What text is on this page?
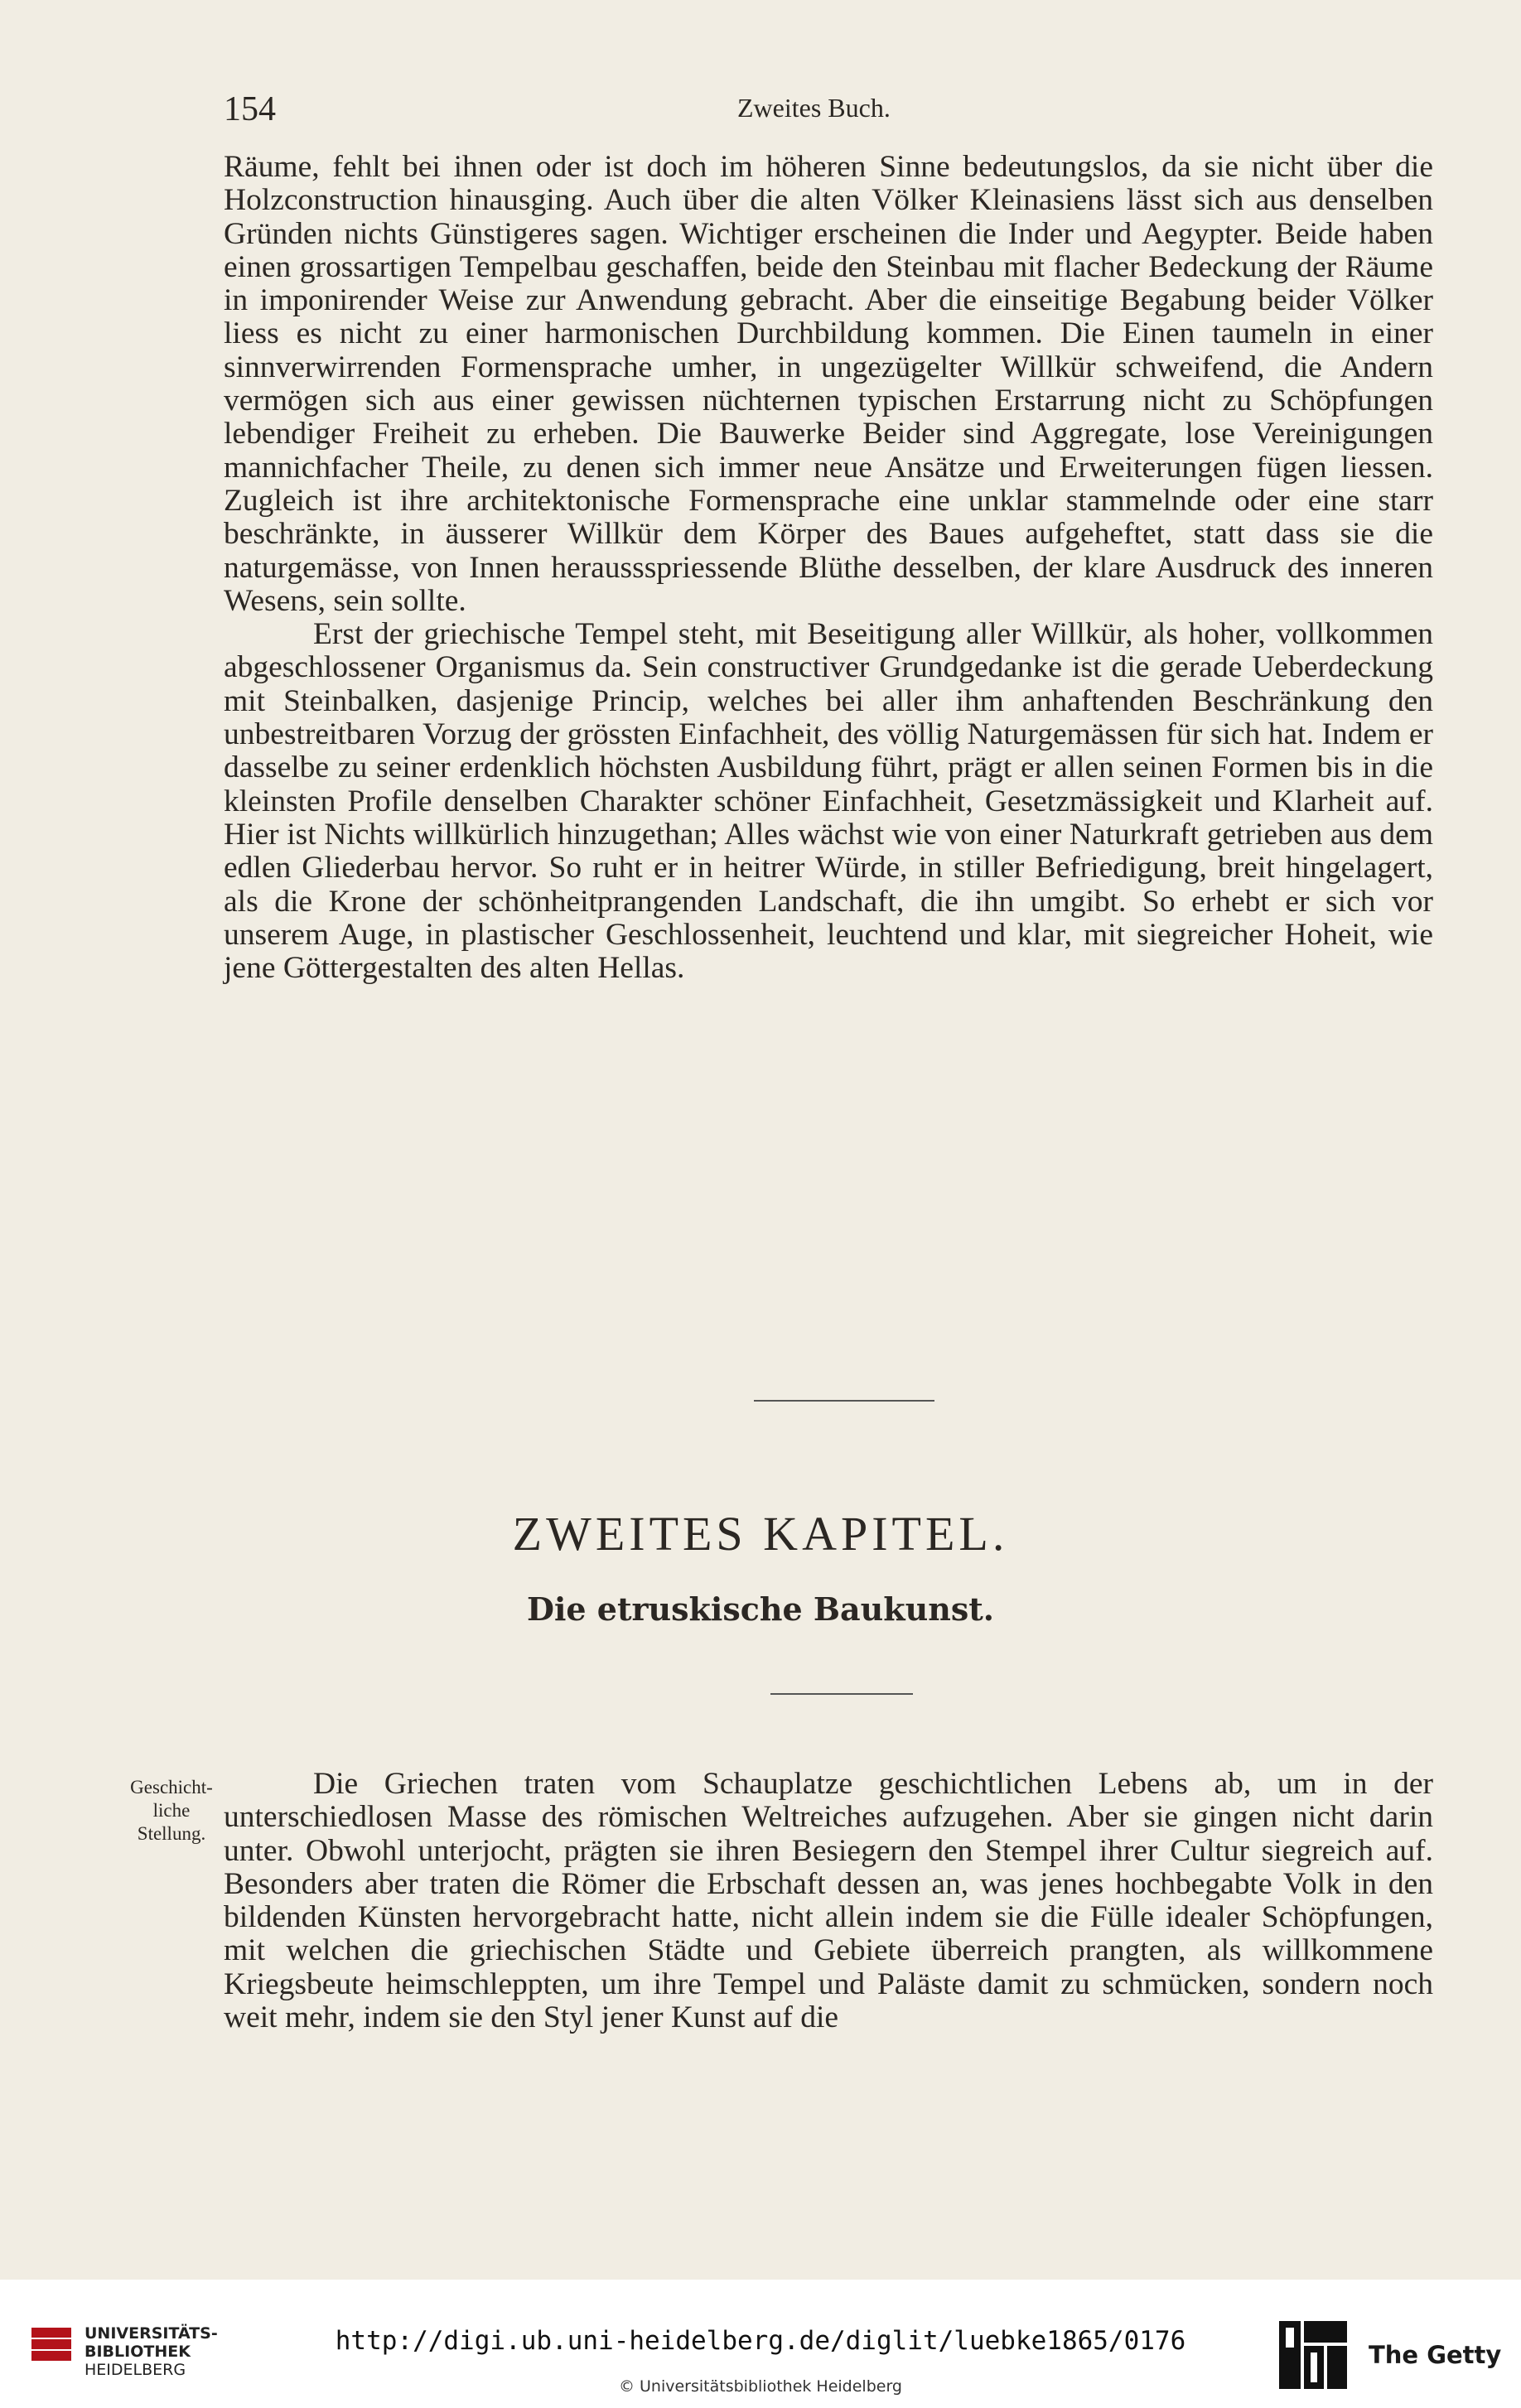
154	Zweites Buch.

Räume, fehlt bei ihnen oder ist doch im höheren Sinne bedeutungslos, da sie nicht über die Holzconstruction hinausging. Auch über die alten Völker Kleinasiens lässt sich aus denselben Gründen nichts Günstigeres sagen. Wichtiger erscheinen die Inder und Aegypter. Beide haben einen grossartigen Tempelbau geschaffen, beide den Steinbau mit flacher Bedeckung der Räume in imponirender Weise zur Anwendung gebracht. Aber die einseitige Begabung beider Völker liess es nicht zu einer harmonischen Durchbildung kommen. Die Einen taumeln in einer sinnverwirrenden Formensprache umher, in ungezügelter Willkür schweifend, die Andern vermögen sich aus einer gewissen nüchternen typischen Erstarrung nicht zu Schöpfungen lebendiger Freiheit zu erheben. Die Bauwerke Beider sind Aggregate, lose Vereinigungen mannichfacher Theile, zu denen sich immer neue Ansätze und Erweiterungen fügen liessen. Zugleich ist ihre architektonische Formensprache eine unklar stammelnde oder eine starr beschränkte, in äusserer Willkür dem Körper des Baues aufgeheftet, statt dass sie die naturgemässe, von Innen heraussspriessende Blüthe desselben, der klare Ausdruck des inneren Wesens, sein sollte.

Erst der griechische Tempel steht, mit Beseitigung aller Willkür, als hoher, vollkommen abgeschlossener Organismus da. Sein constructiver Grundgedanke ist die gerade Ueberdeckung mit Steinbalken, dasjenige Princip, welches bei aller ihm anhaftenden Beschränkung den unbestreitbaren Vorzug der grössten Einfachheit, des völlig Naturgemässen für sich hat. Indem er dasselbe zu seiner erdenklich höchsten Ausbildung führt, prägt er allen seinen Formen bis in die kleinsten Profile denselben Charakter schöner Einfachheit, Gesetzmässigkeit und Klarheit auf. Hier ist Nichts willkürlich hinzugethan; Alles wächst wie von einer Naturkraft getrieben aus dem edlen Gliederbau hervor. So ruht er in heitrer Würde, in stiller Befriedigung, breit hingelagert, als die Krone der schönheitprangenden Landschaft, die ihn umgibt. So erhebt er sich vor unserem Auge, in plastischer Geschlossenheit, leuchtend und klar, mit siegreicher Hoheit, wie jene Göttergestalten des alten Hellas.

ZWEITES KAPITEL.
Die etruskische Baukunst.
Geschicht-
liche
Stellung.

Die Griechen traten vom Schauplatze geschichtlichen Lebens ab, um in der unterschiedlosen Masse des römischen Weltreiches aufzugehen. Aber sie gingen nicht darin unter. Obwohl unterjocht, prägten sie ihren Besiegern den Stempel ihrer Cultur siegreich auf. Besonders aber traten die Römer die Erbschaft dessen an, was jenes hochbegabte Volk in den bildenden Künsten hervorgebracht hatte, nicht allein indem sie die Fülle idealer Schöpfungen, mit welchen die griechischen Städte und Gebiete überreich prangten, als willkommene Kriegsbeute heimschleppten, um ihre Tempel und Paläste damit zu schmücken, sondern noch weit mehr, indem sie den Styl jener Kunst auf die

UNIVERSITÄTS-
BIBLIOTHEK
HEIDELBERG
http://digi.ub.uni-heidelberg.de/diglit/luebke1865/0176
© Universitätsbibliothek Heidelberg
The Getty
